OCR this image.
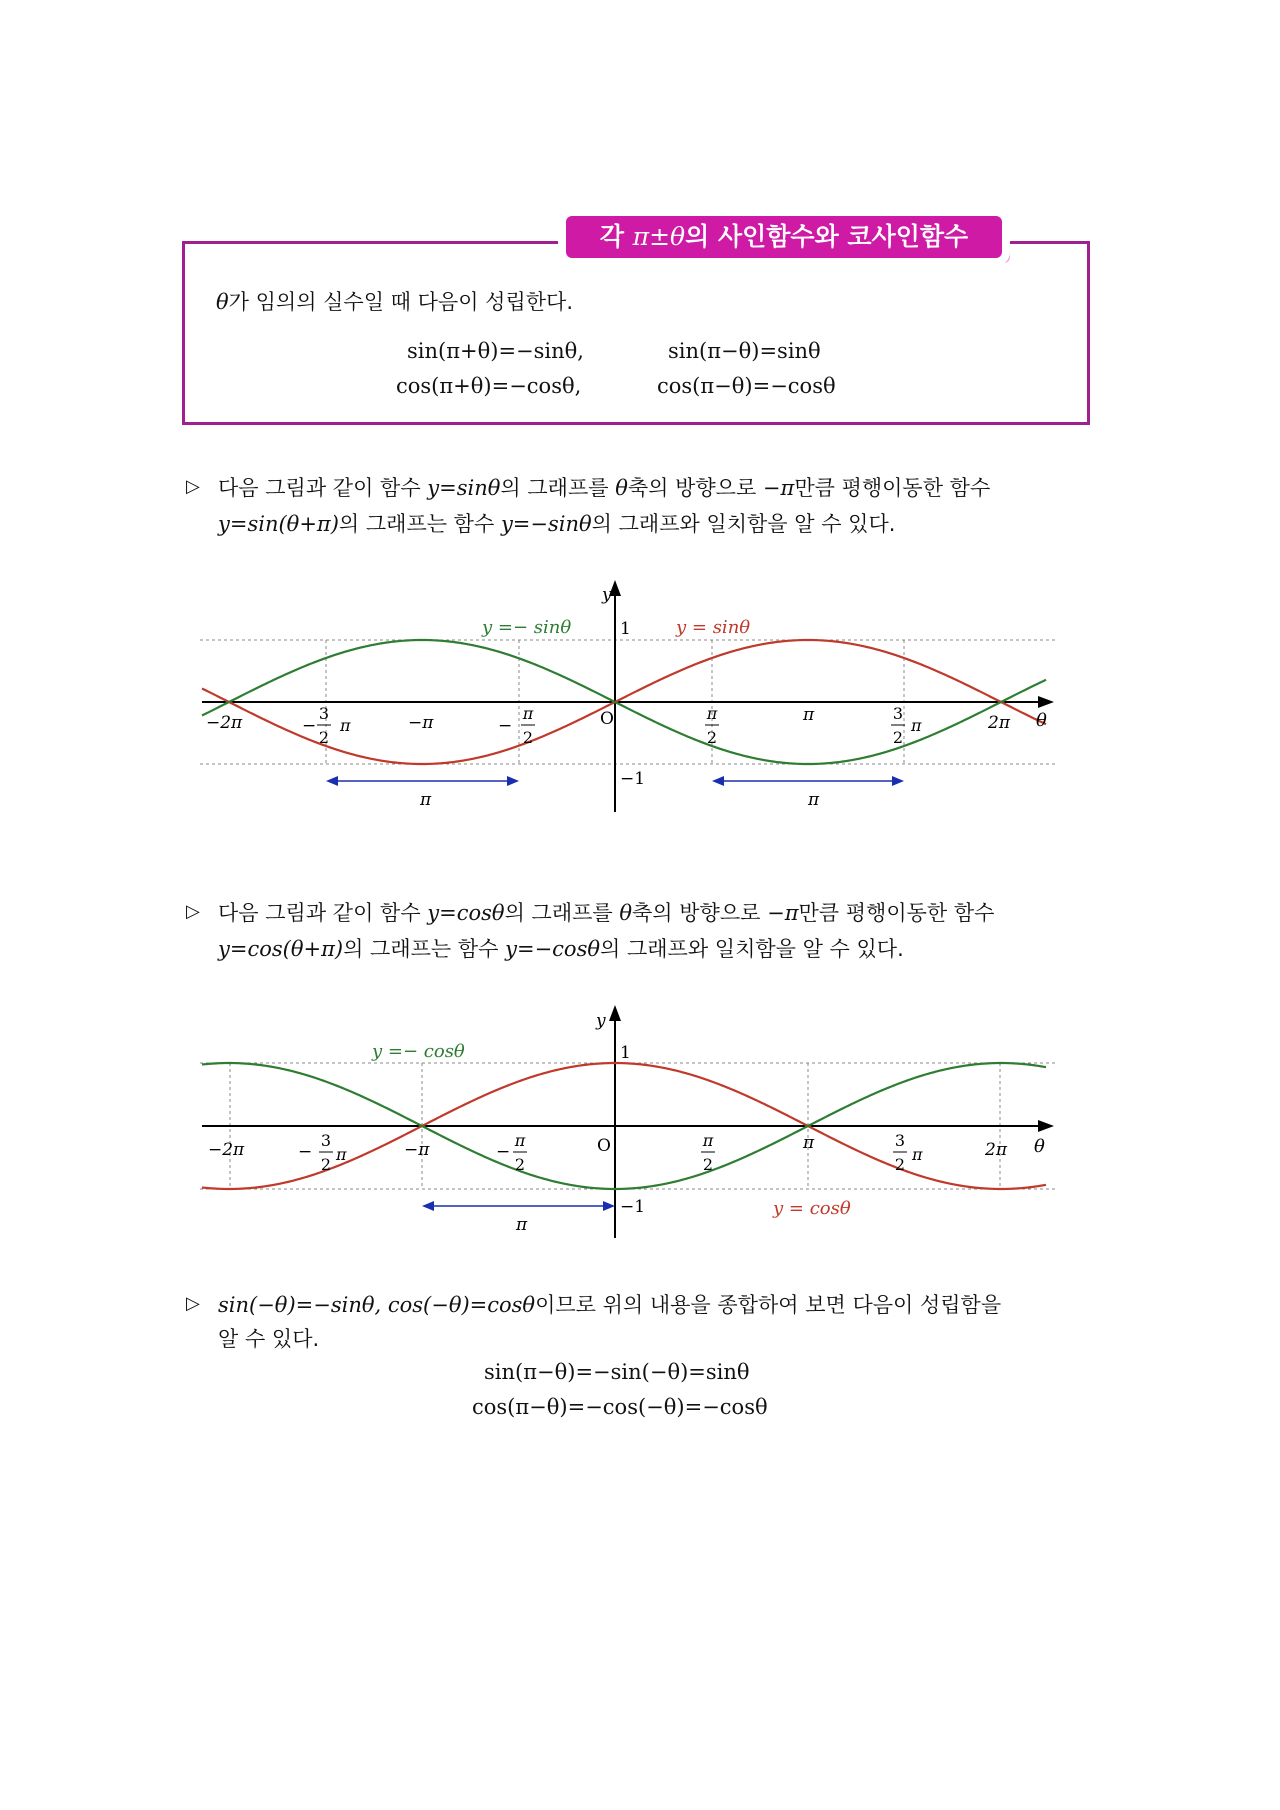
각 π±θ의 사인함수와 코사인함수
θ가 임의의 실수일 때 다음이 성립한다.
sin(π+θ)=−sinθ,	sin(π−θ)=sinθ
cos(π+θ)=−cosθ,	cos(π−θ)=−cosθ
▷ 다음 그림과 같이 함수 y=sinθ의 그래프를 θ축의 방향으로 −π만큼 평행이동한 함수
y=sin(θ+π)의 그래프는 함수 y=−sinθ의 그래프와 일치함을 알 수 있다.
y
θ
1
−1
O
y =− sinθ	y = sinθ
−2π	−
3
2
π	−π	−
π
2
π
2
π	3
2
π	2π
π	π
y
θ
1
−1
O
y =− cosθ
y = cosθ
−2π	−
3
2
π	−π	−
π
2
π
2
π	3
2
π	2π
π
▷ 다음 그림과 같이 함수 y=cosθ의 그래프를 θ축의 방향으로 −π만큼 평행이동한 함수
y=cos(θ+π)의 그래프는 함수 y=−cosθ의 그래프와 일치함을 알 수 있다.
▷ sin(−θ)=−sinθ, cos(−θ)=cosθ이므로 위의 내용을 종합하여 보면 다음이 성립함을
알 수 있다.
sin(π−θ)=−sin(−θ)=sinθ
cos(π−θ)=−cos(−θ)=−cosθ
